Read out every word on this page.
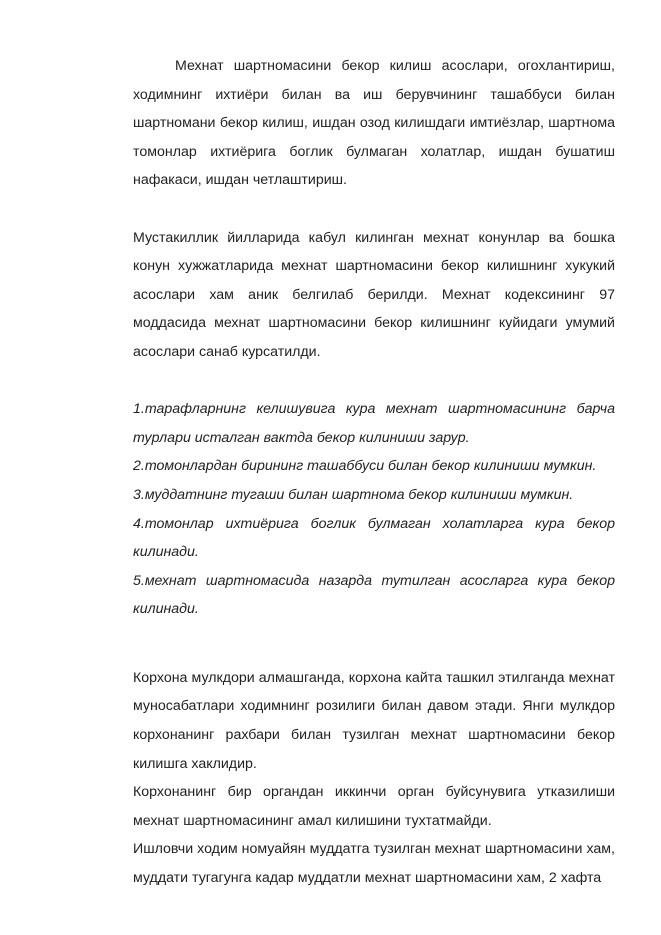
Мехнат шартномасини бекор килиш асослари, огохлантириш, ходимнинг ихтиёри билан ва иш берувчининг ташаббуси билан шартномани бекор килиш, ишдан озод килишдаги имтиёзлар, шартнома томонлар ихтиёрига боглик булмаган холатлар, ишдан бушатиш нафакаси, ишдан четлаштириш.

Мустакиллик йилларида кабул килинган мехнат конунлар ва бошка конун хужжатларида мехнат шартномасини бекор килишнинг хукукий асослари хам аник белгилаб берилди. Мехнат кодексининг 97 моддасида мехнат шартномасини бекор килишнинг куйидаги умумий асослари санаб курсатилди.

1.тарафларнинг келишувига кура мехнат шартномасининг барча турлари исталган вактда бекор килиниши зарур.

2.томонлардан бирининг ташаббуси билан бекор килиниши мумкин.

3.муддатнинг тугаши билан шартнома бекор килиниши мумкин.

4.томонлар ихтиёрига боглик булмаган холатларга кура бекор килинади.

5.мехнат шартномасида назарда тутилган асосларга кура бекор килинади.

Корхона мулкдори алмашганда, корхона кайта ташкил этилганда мехнат муносабатлари ходимнинг розилиги билан давом этади. Янги мулкдор корхонанинг рахбари билан тузилган мехнат шартномасини бекор килишга хаклидир.

Корхонанинг бир органдан иккинчи орган буйсунувига утказилиши мехнат шартномасининг амал килишини тухтатмайди.

Ишловчи ходим номуайян муддатга тузилган мехнат шартномасини хам, муддати тугагунга кадар муддатли мехнат шартномасини хам, 2 хафта
